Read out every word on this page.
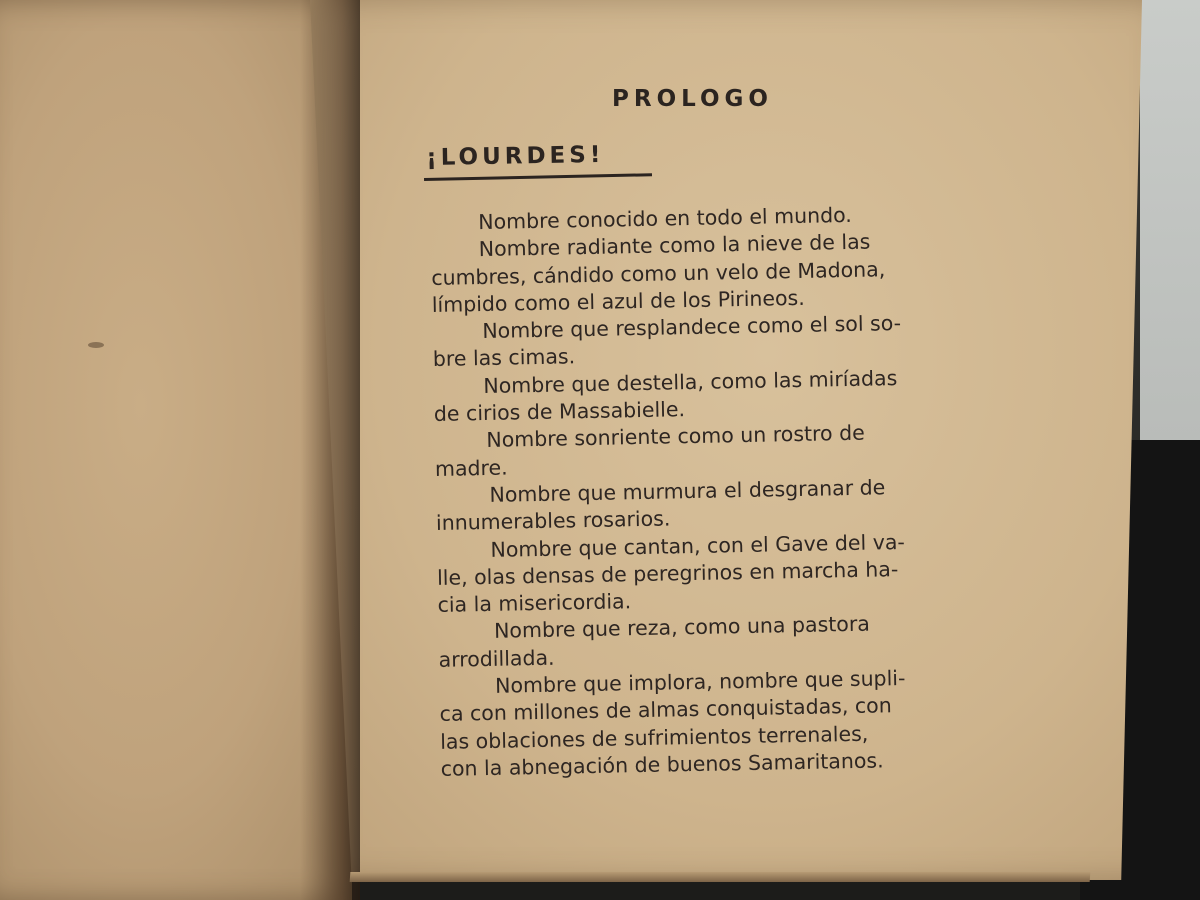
PROLOGO
¡LOURDES!
Nombre conocido en todo el mundo.
Nombre radiante como la nieve de las
cumbres, cándido como un velo de Madona,
límpido como el azul de los Pirineos.
Nombre que resplandece como el sol so-
bre las cimas.
Nombre que destella, como las miríadas
de cirios de Massabielle.
Nombre sonriente como un rostro de
madre.
Nombre que murmura el desgranar de
innumerables rosarios.
Nombre que cantan, con el Gave del va-
lle, olas densas de peregrinos en marcha ha-
cia la misericordia.
Nombre que reza, como una pastora
arrodillada.
Nombre que implora, nombre que supli-
ca con millones de almas conquistadas, con
las oblaciones de sufrimientos terrenales,
con la abnegación de buenos Samaritanos.
